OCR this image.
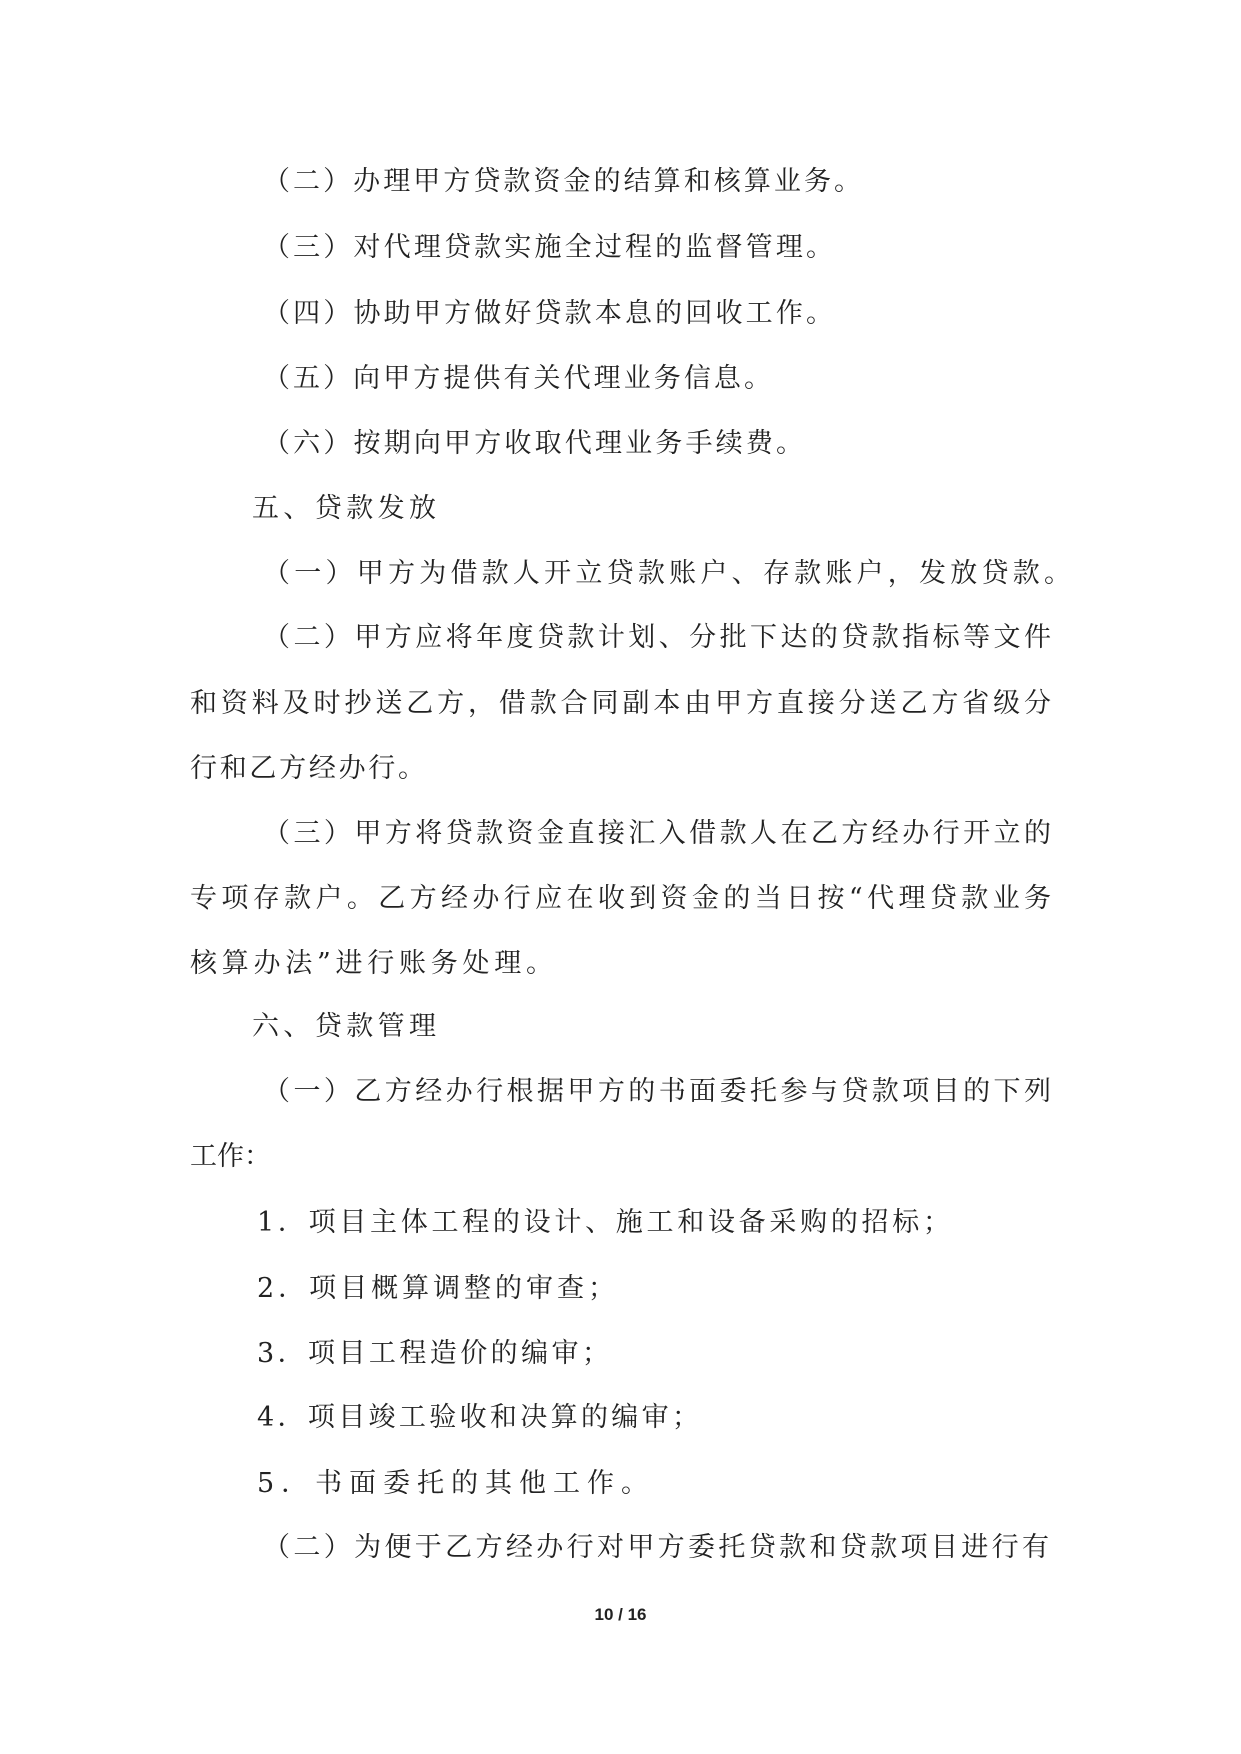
（二）办理甲方贷款资金的结算和核算业务。
（三）对代理贷款实施全过程的监督管理。
（四）协助甲方做好贷款本息的回收工作。
（五）向甲方提供有关代理业务信息。
（六）按期向甲方收取代理业务手续费。
五、贷款发放
（一）甲方为借款人开立贷款账户、存款账户，发放贷款。
（二）甲方应将年度贷款计划、分批下达的贷款指标等文件
和资料及时抄送乙方，借款合同副本由甲方直接分送乙方省级分
行和乙方经办行。
（三）甲方将贷款资金直接汇入借款人在乙方经办行开立的
专项存款户。乙方经办行应在收到资金的当日按“代理贷款业务
核算办法”进行账务处理。
六、贷款管理
（一）乙方经办行根据甲方的书面委托参与贷款项目的下列
工作：
1．项目主体工程的设计、施工和设备采购的招标；
2．项目概算调整的审查；
3．项目工程造价的编审；
4．项目竣工验收和决算的编审；
5．书面委托的其他工作。
（二）为便于乙方经办行对甲方委托贷款和贷款项目进行有
10 / 16
